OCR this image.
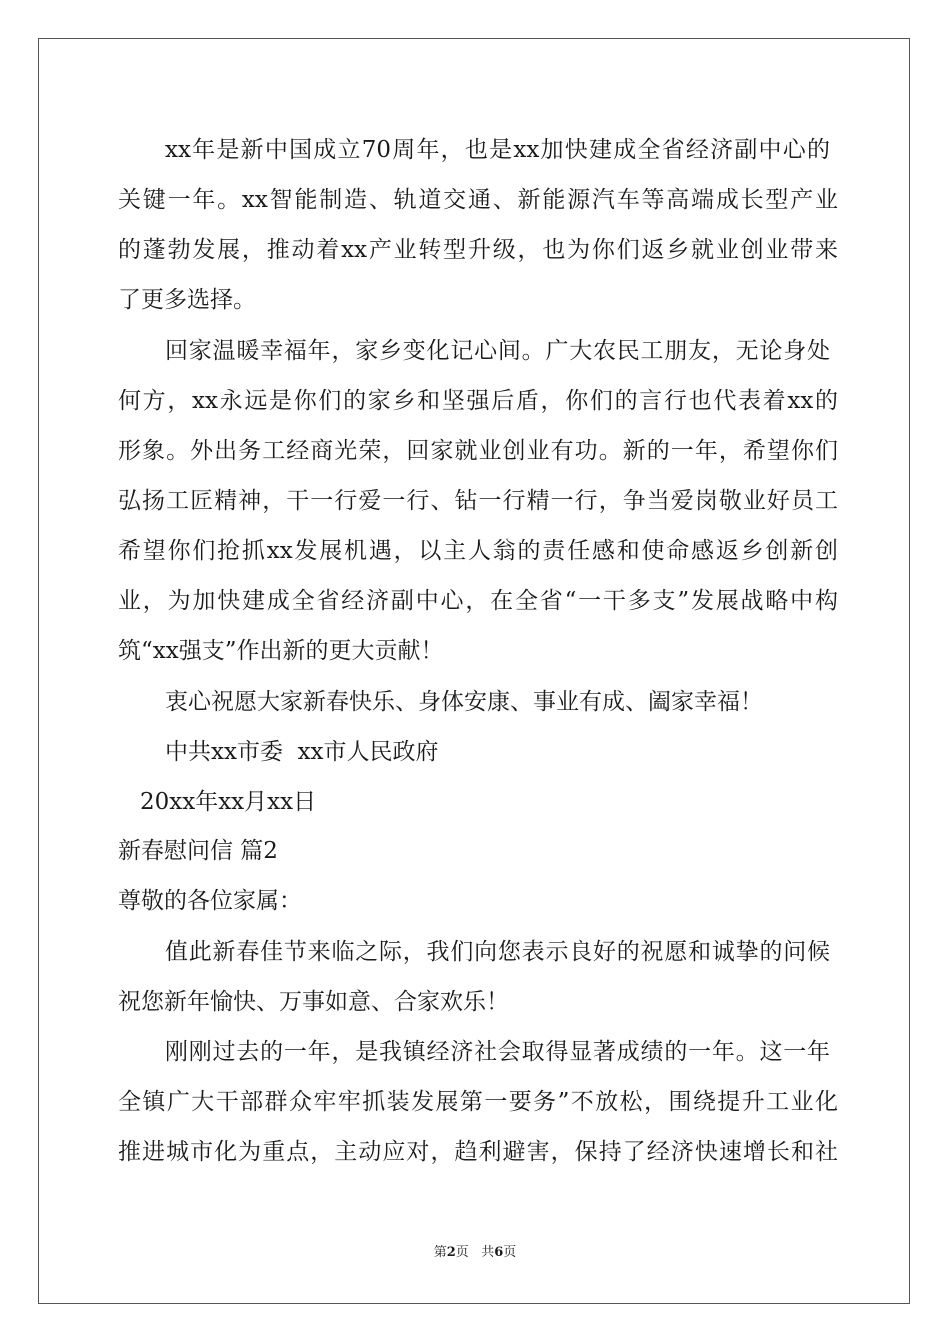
xx年是新中国成立70周年，也是xx加快建成全省经济副中心的
关键一年。xx智能制造、轨道交通、新能源汽车等高端成长型产业
的蓬勃发展，推动着xx产业转型升级，也为你们返乡就业创业带来
了更多选择。
回家温暖幸福年，家乡变化记心间。广大农民工朋友，无论身处
何方，xx永远是你们的家乡和坚强后盾，你们的言行也代表着xx的
形象。外出务工经商光荣，回家就业创业有功。新的一年，希望你们
弘扬工匠精神，干一行爱一行、钻一行精一行，争当爱岗敬业好员工
希望你们抢抓xx发展机遇，以主人翁的责任感和使命感返乡创新创
业，为加快建成全省经济副中心，在全省“一干多支”发展战略中构
筑“xx强支”作出新的更大贡献！
衷心祝愿大家新春快乐、身体安康、事业有成、阖家幸福！
中共xx市委  xx市人民政府
20xx年xx月xx日
新春慰问信 篇2
尊敬的各位家属：
值此新春佳节来临之际，我们向您表示良好的祝愿和诚挚的问候
祝您新年愉快、万事如意、合家欢乐！
刚刚过去的一年，是我镇经济社会取得显著成绩的一年。这一年
全镇广大干部群众牢牢抓装发展第一要务”不放松，围绕提升工业化
推进城市化为重点，主动应对，趋利避害，保持了经济快速增长和社
第2页   共6页
